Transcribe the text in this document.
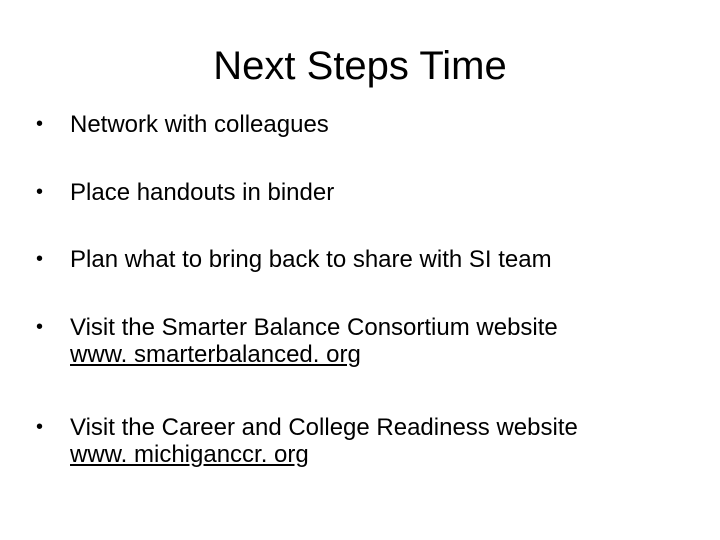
Next Steps Time
•	Network with colleagues
•	Place handouts in binder
•	Plan what to bring back to share with SI team
•	Visit the Smarter Balance Consortium website
www. smarterbalanced. org
•	Visit the Career and College Readiness website
www. michiganccr. org
